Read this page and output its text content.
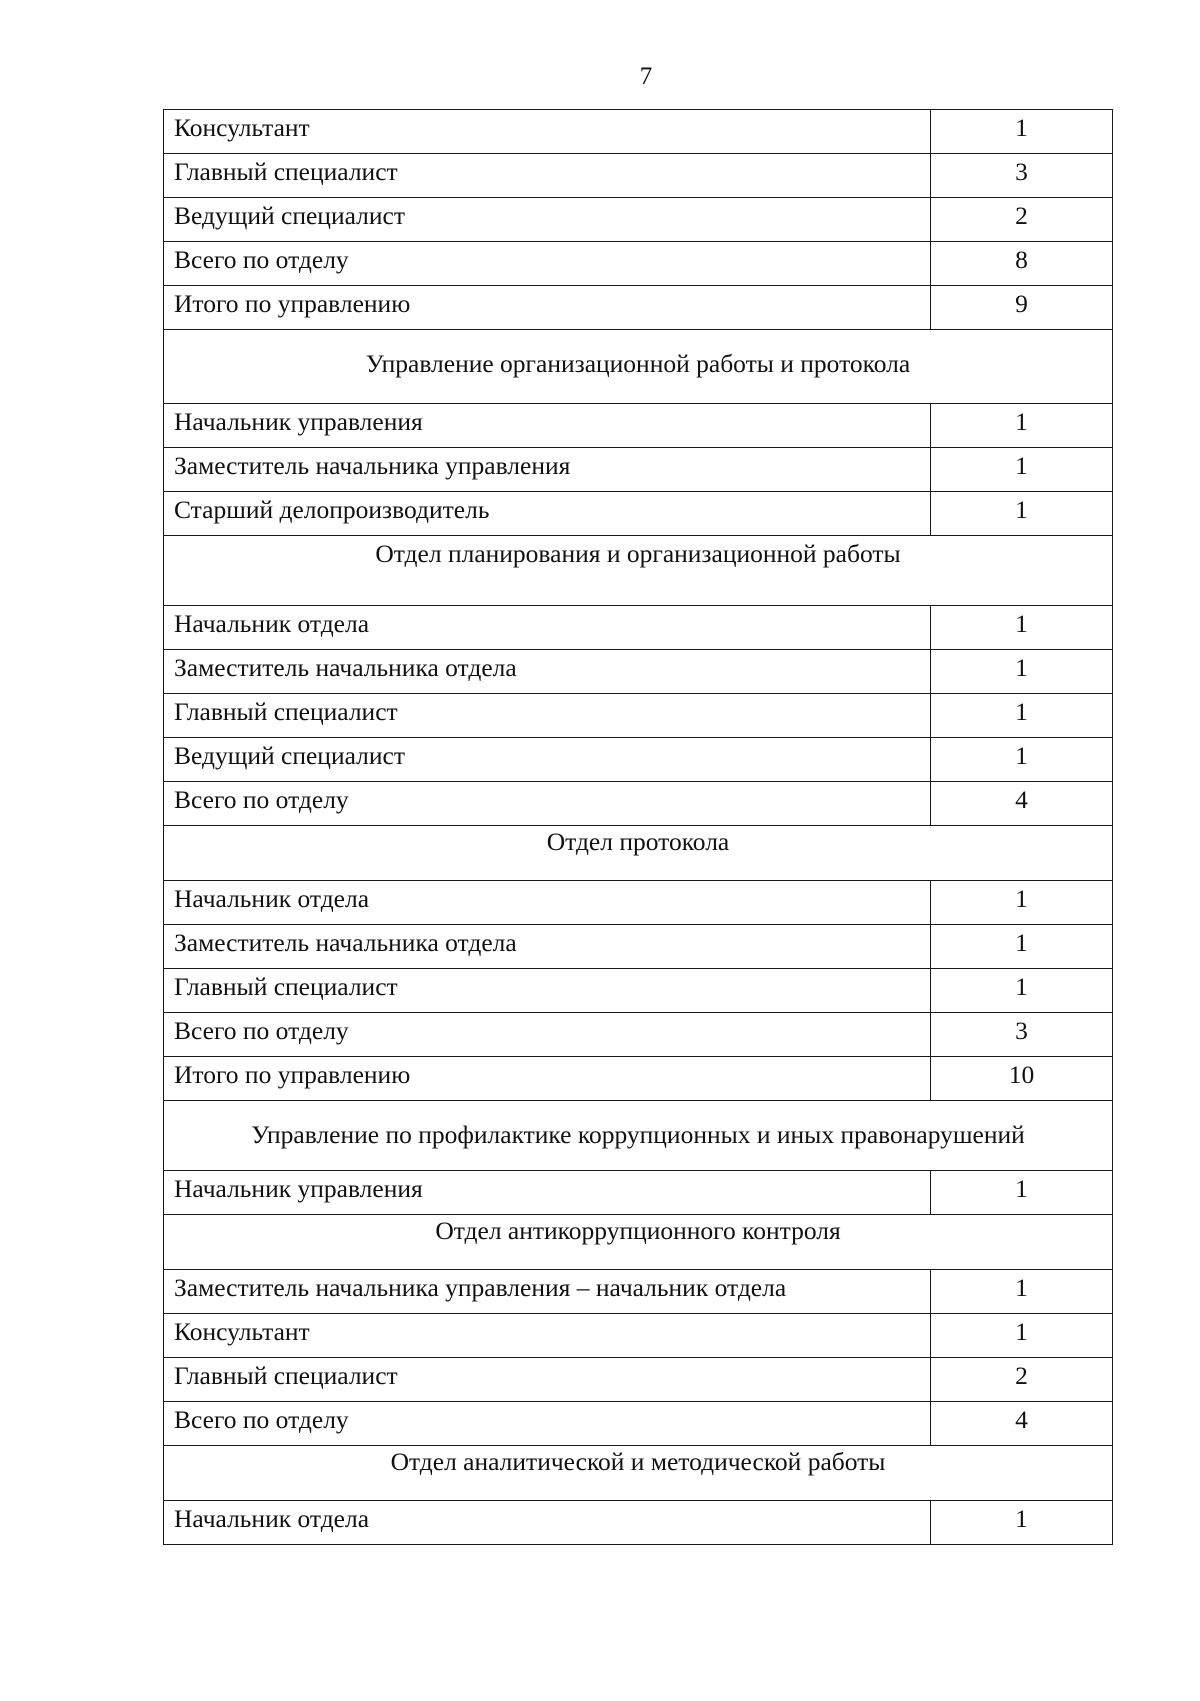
7
Консультант	1
Главный специалист	3
Ведущий специалист	2
Всего по отделу	8
Итого по управлению	9
Управление организационной работы и протокола	
Начальник управления	1
Заместитель начальника управления	1
Старший делопроизводитель	1
Отдел планирования и организационной работы	
Начальник отдела	1
Заместитель начальника отдела	1
Главный специалист	1
Ведущий специалист	1
Всего по отделу	4
Отдел протокола	
Начальник отдела	1
Заместитель начальника отдела	1
Главный специалист	1
Всего по отделу	3
Итого по управлению	10
Управление по профилактике коррупционных и иных правонарушений	
Начальник управления	1
Отдел антикоррупционного контроля	
Заместитель начальника управления – начальник отдела	1
Консультант	1
Главный специалист	2
Всего по отделу	4
Отдел аналитической и методической работы	
Начальник отдела	1
